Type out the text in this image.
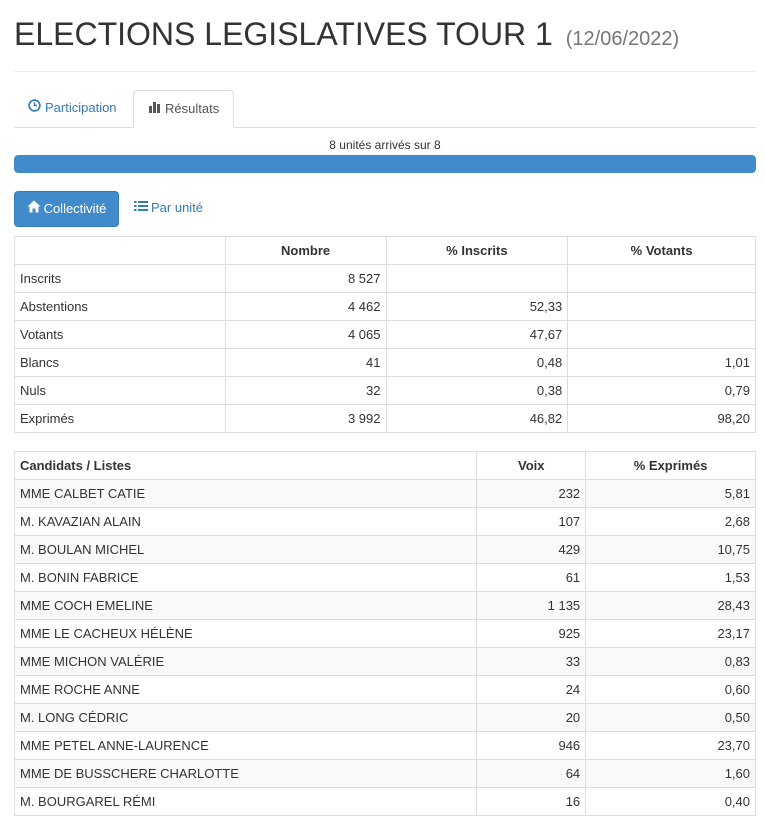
ELECTIONS LEGISLATIVES TOUR 1 (12/06/2022)
Participation	Résultats
8 unités arrivés sur 8
Collectivité	Par unité
	Nombre	% Inscrits	% Votants
Inscrits	8 527		
Abstentions	4 462	52,33	
Votants	4 065	47,67	
Blancs	41	0,48	1,01
Nuls	32	0,38	0,79
Exprimés	3 992	46,82	98,20
Candidats / Listes	Voix	% Exprimés
MME CALBET CATIE	232	5,81
M. KAVAZIAN ALAIN	107	2,68
M. BOULAN MICHEL	429	10,75
M. BONIN FABRICE	61	1,53
MME COCH EMELINE	1 135	28,43
MME LE CACHEUX HÉLÈNE	925	23,17
MME MICHON VALÉRIE	33	0,83
MME ROCHE ANNE	24	0,60
M. LONG CÉDRIC	20	0,50
MME PETEL ANNE-LAURENCE	946	23,70
MME DE BUSSCHERE CHARLOTTE	64	1,60
M. BOURGAREL RÉMI	16	0,40
